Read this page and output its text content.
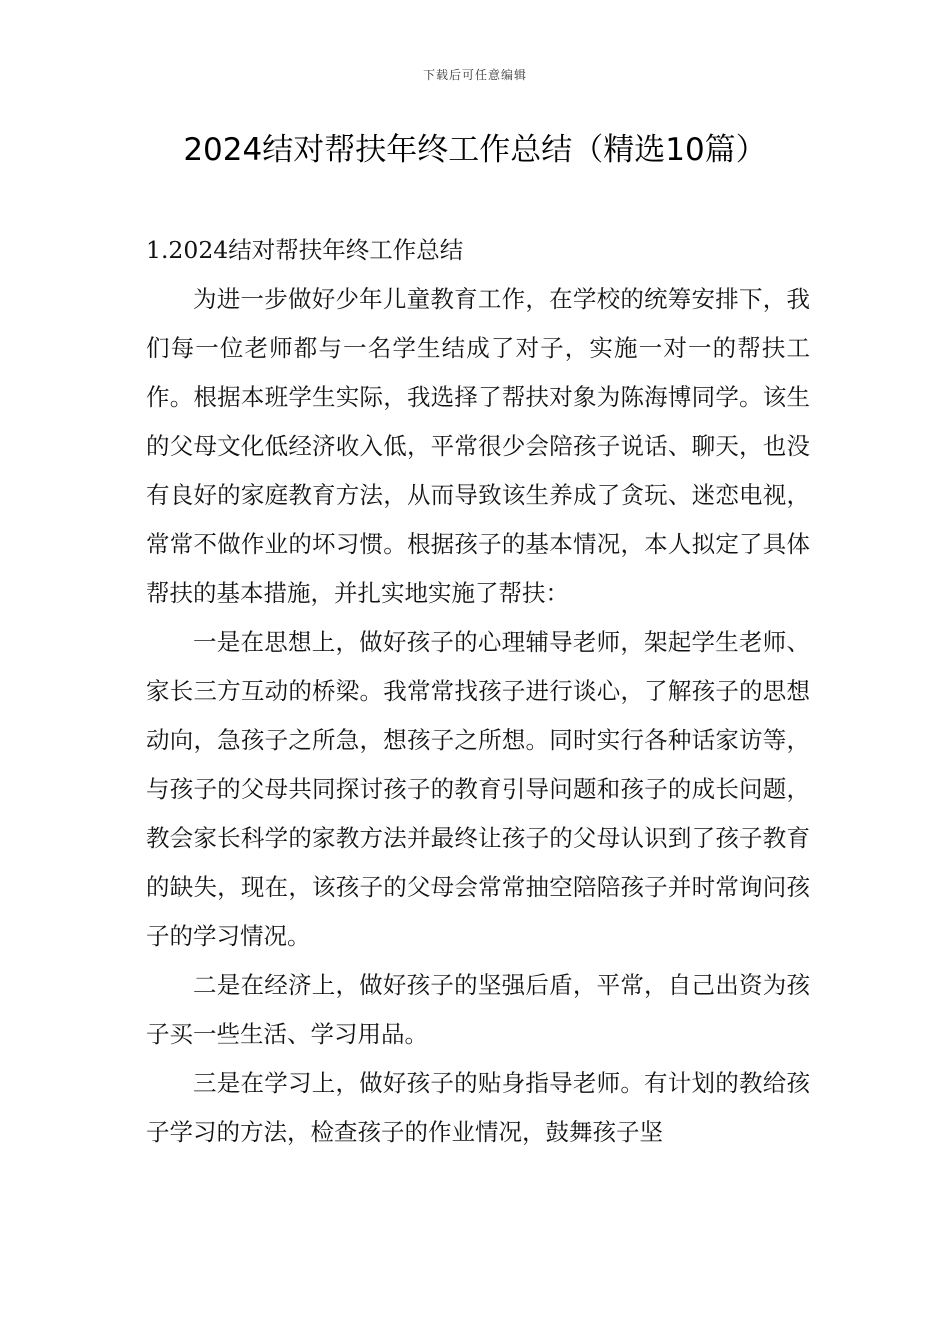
下载后可任意编辑
2024结对帮扶年终工作总结（精选10篇）
1.2024结对帮扶年终工作总结

为进一步做好少年儿童教育工作，在学校的统筹安排下，我们每一位老师都与一名学生结成了对子，实施一对一的帮扶工作。根据本班学生实际，我选择了帮扶对象为陈海博同学。该生的父母文化低经济收入低，平常很少会陪孩子说话、聊天，也没有良好的家庭教育方法，从而导致该生养成了贪玩、迷恋电视，常常不做作业的坏习惯。根据孩子的基本情况，本人拟定了具体帮扶的基本措施，并扎实地实施了帮扶：

一是在思想上，做好孩子的心理辅导老师，架起学生老师、家长三方互动的桥梁。我常常找孩子进行谈心，了解孩子的思想动向，急孩子之所急，想孩子之所想。同时实行各种话家访等，与孩子的父母共同探讨孩子的教育引导问题和孩子的成长问题，教会家长科学的家教方法并最终让孩子的父母认识到了孩子教育的缺失，现在，该孩子的父母会常常抽空陪陪孩子并时常询问孩子的学习情况。

二是在经济上，做好孩子的坚强后盾，平常，自己出资为孩子买一些生活、学习用品。

三是在学习上，做好孩子的贴身指导老师。有计划的教给孩子学习的方法，检查孩子的作业情况，鼓舞孩子坚
